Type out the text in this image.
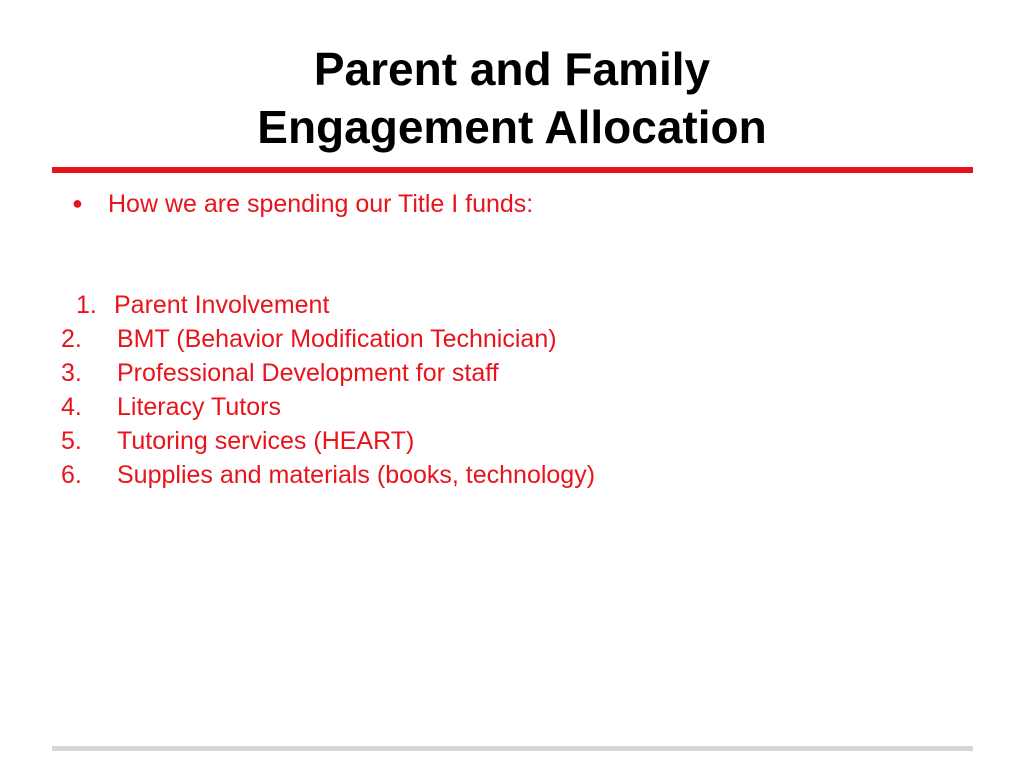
Parent and Family
Engagement Allocation
● How we are spending our Title I funds:
1. Parent Involvement
2. BMT (Behavior Modification Technician)
3. Professional Development for staff
4. Literacy Tutors
5. Tutoring services (HEART)
6. Supplies and materials (books, technology)
